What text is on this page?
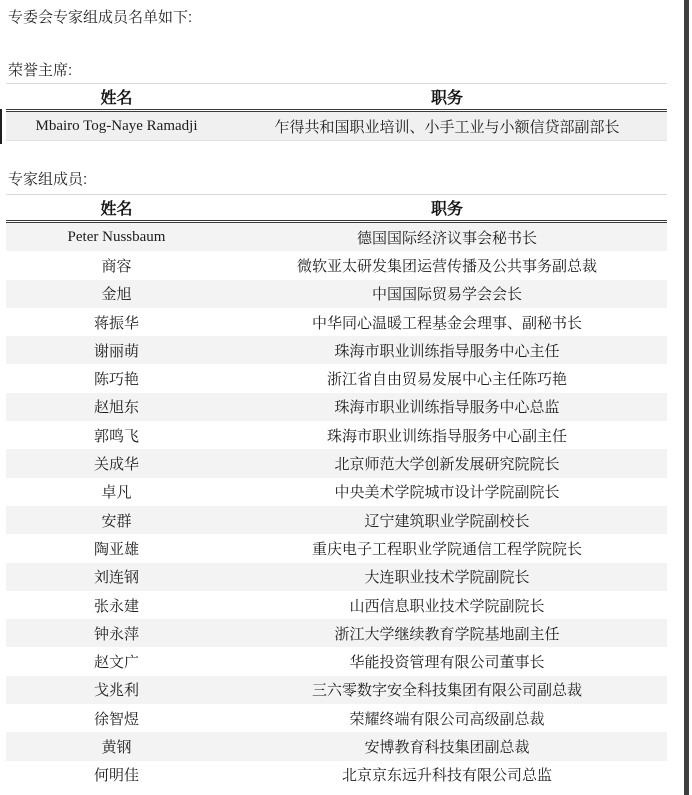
专委会专家组成员名单如下:
荣誉主席:
姓名	职务
Mbairo Tog-Naye Ramadji	乍得共和国职业培训、小手工业与小额信贷部副部长
专家组成员:
姓名	职务
Peter Nussbaum	德国国际经济议事会秘书长
商容	微软亚太研发集团运营传播及公共事务副总裁
金旭	中国国际贸易学会会长
蒋振华	中华同心温暖工程基金会理事、副秘书长
谢丽萌	珠海市职业训练指导服务中心主任
陈巧艳	浙江省自由贸易发展中心主任陈巧艳
赵旭东	珠海市职业训练指导服务中心总监
郭鸣飞	珠海市职业训练指导服务中心副主任
关成华	北京师范大学创新发展研究院院长
卓凡	中央美术学院城市设计学院副院长
安群	辽宁建筑职业学院副校长
陶亚雄	重庆电子工程职业学院通信工程学院院长
刘连钢	大连职业技术学院副院长
张永建	山西信息职业技术学院副院长
钟永萍	浙江大学继续教育学院基地副主任
赵文广	华能投资管理有限公司董事长
戈兆利	三六零数字安全科技集团有限公司副总裁
徐智煜	荣耀终端有限公司高级副总裁
黄钢	安博教育科技集团副总裁
何明佳	北京京东远升科技有限公司总监
